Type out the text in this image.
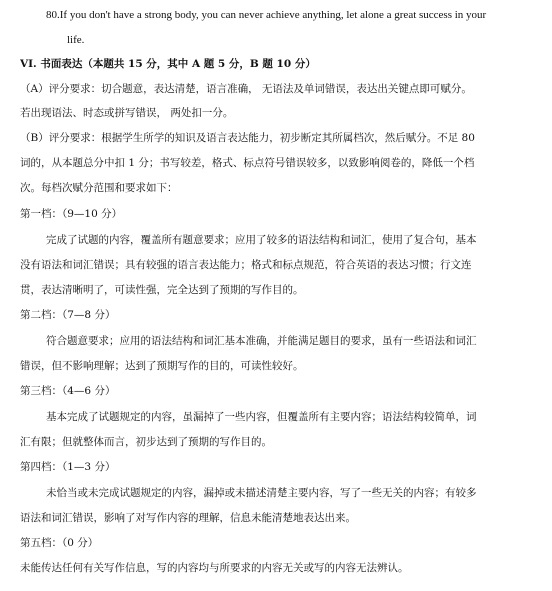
80.If you don't have a strong body, you can never achieve anything, let alone a great success in your
life.
VI. 书面表达（本题共 15 分，其中 A 题 5 分，B 题 10 分）
（A）评分要求：切合题意，表达清楚，语言准确， 无语法及单词错误，表达出关键点即可赋分。
若出现语法、时态或拼写错误， 两处扣一分。
（B）评分要求：根据学生所学的知识及语言表达能力，初步断定其所属档次，然后赋分。不足 80
词的，从本题总分中扣 1 分；书写较差，格式、标点符号错误较多，以致影响阅卷的，降低一个档
次。每档次赋分范围和要求如下：
第一档：（9—10 分）
完成了试题的内容，覆盖所有题意要求；应用了较多的语法结构和词汇，使用了复合句，基本
没有语法和词汇错误；具有较强的语言表达能力；格式和标点规范，符合英语的表达习惯；行文连
贯，表达清晰明了，可读性强，完全达到了预期的写作目的。
第二档：（7—8 分）
符合题意要求；应用的语法结构和词汇基本准确，并能满足题目的要求，虽有一些语法和词汇
错误，但不影响理解；达到了预期写作的目的，可读性较好。
第三档：（4—6 分）
基本完成了试题规定的内容，虽漏掉了一些内容，但覆盖所有主要内容；语法结构较简单，词
汇有限；但就整体而言，初步达到了预期的写作目的。
第四档：（1—3 分）
未恰当或未完成试题规定的内容，漏掉或未描述清楚主要内容，写了一些无关的内容；有较多
语法和词汇错误，影响了对写作内容的理解，信息未能清楚地表达出来。
第五档：（0 分）
未能传达任何有关写作信息，写的内容均与所要求的内容无关或写的内容无法辨认。
